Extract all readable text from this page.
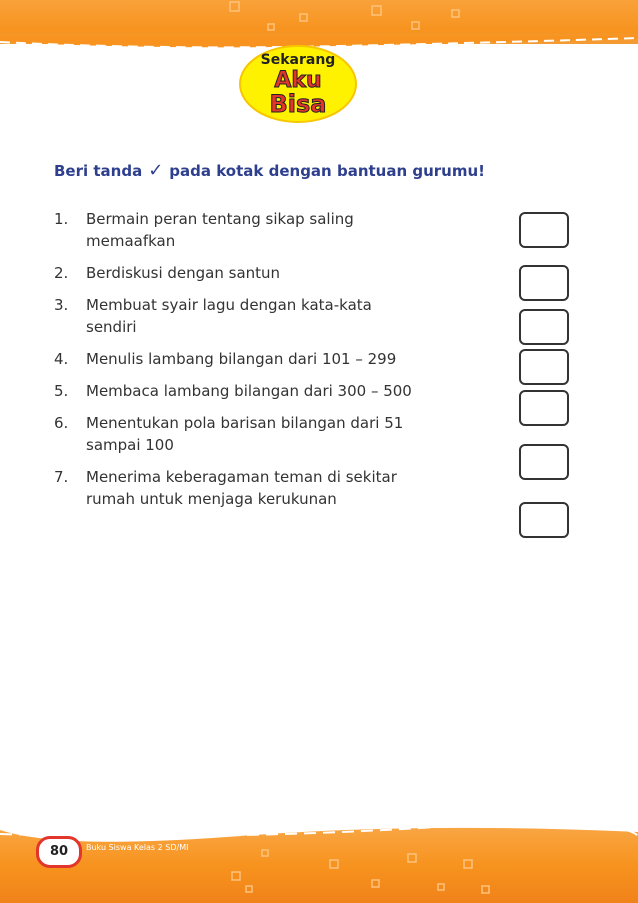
Sekarang
Aku
Bisa
Beri tanda ✓ pada kotak dengan bantuan gurumu!
1. Bermain peran tentang sikap saling
memaafkan
2. Berdiskusi dengan santun
3. Membuat syair lagu dengan kata-kata
sendiri
4. Menulis lambang bilangan dari 101 – 299
5. Membaca lambang bilangan dari 300 – 500
6. Menentukan pola barisan bilangan dari 51
sampai 100
7. Menerima keberagaman teman di sekitar
rumah untuk menjaga kerukunan
80	Buku Siswa Kelas 2 SD/MI
